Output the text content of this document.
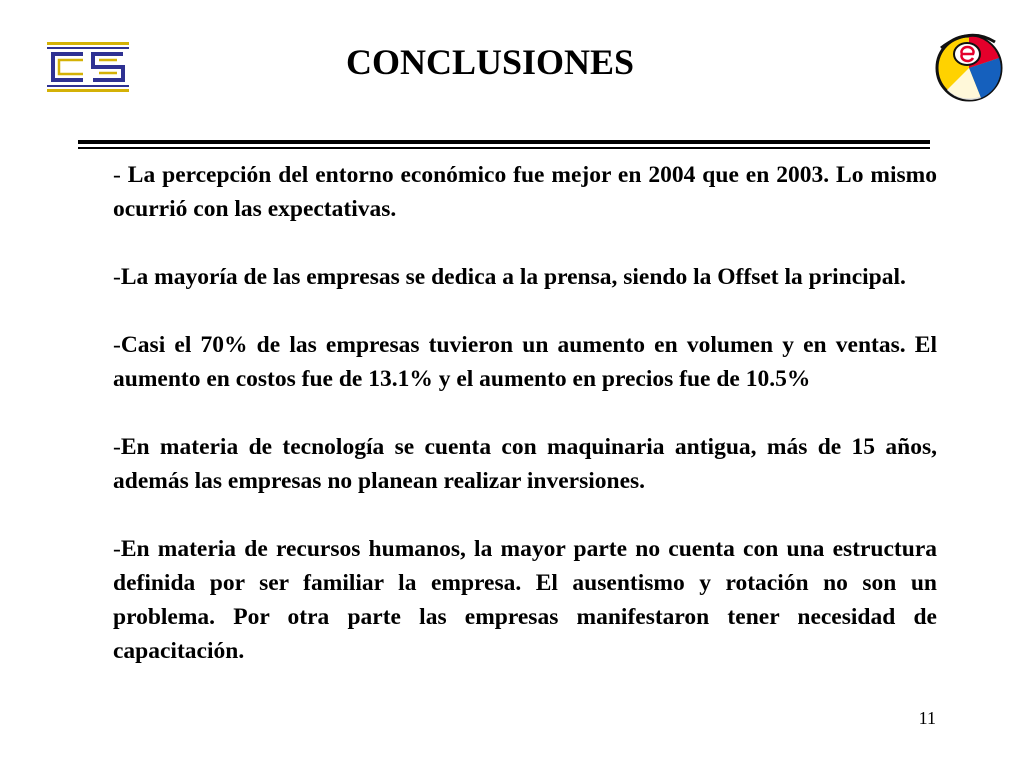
CONCLUSIONES

- La percepción del entorno económico fue mejor en 2004 que en 2003. Lo mismo ocurrió con las expectativas.

-La mayoría de las empresas se dedica a la prensa, siendo la Offset la principal.

-Casi el 70% de las empresas tuvieron un aumento en volumen y en ventas. El aumento en costos fue de 13.1% y el aumento en precios fue de 10.5%

-En materia de tecnología se cuenta con maquinaria antigua, más de 15 años, además las empresas no planean realizar inversiones.

-En materia de recursos humanos, la mayor parte no cuenta con una estructura definida por ser familiar la empresa. El ausentismo y rotación no son un problema. Por otra parte las empresas manifestaron tener necesidad de capacitación.

11
